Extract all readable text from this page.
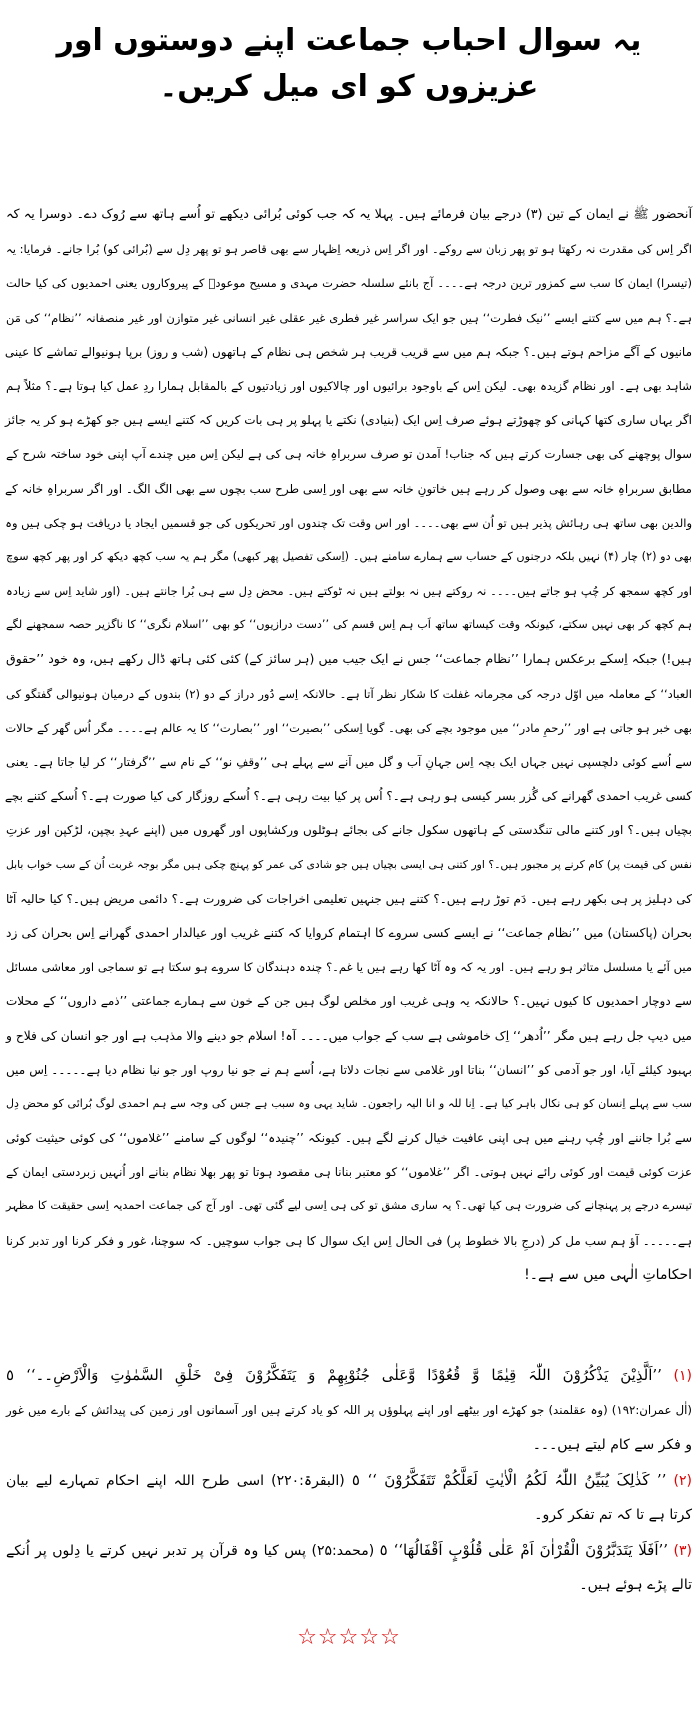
یہ سوال احباب جماعت اپنے دوستوں اور عزیزوں کو ای میل کریں۔
آنحضور ﷺ نے ایمان کے تین (۳) درجے بیان فرمائے ہیں۔ پہلا یہ کہ جب کوئی بُرائی دیکھے تو اُسے ہاتھ سے رُوک دے۔ دوسرا یہ کہ
اگر اِس کی مقدرت نہ رکھتا ہو تو پھر زبان سے روکے۔ اور اگر اِس ذریعہ اِظہار سے بھی قاصر ہو تو پھر دِل سے (بُرائی کو) بُرا جانے۔ فرمایا: یہ
(تیسرا) ایمان کا سب سے کمزور ترین درجہ ہے۔۔۔۔ آج بانئے سلسلہ حضرت مہدی و مسیح موعودؑ کے پیروکاروں یعنی احمدیوں کی کیا حالت
ہے۔؟ ہم میں سے کتنے ایسے ’’نیک فطرت‘‘ ہیں جو ایک سراسر غیر فطری غیر عقلی غیر انسانی غیر متوازن اور غیر منصفانہ ’’نظام‘‘ کی مَن
مانیوں کے آگے مزاحم ہوتے ہیں۔؟ جبکہ ہم میں سے قریب قریب ہر شخص ہی نظام کے ہاتھوں (شب و روز) برپا ہونیوالے تماشے کا عینی
شاہد بھی ہے۔ اور نظام گزیدہ بھی۔ لیکن اِس کے باوجود برائیوں اور چالاکیوں اور زیادتیوں کے بالمقابل ہمارا ردِ عمل کیا ہوتا ہے۔؟ مثلاً ہم
اگر یہاں ساری کتھا کہانی کو چھوڑتے ہوئے صرف اِس ایک (بنیادی) نکتے یا پہلو پر ہی بات کریں کہ کتنے ایسے ہیں جو کھڑے ہو کر یہ جائز
سوال پوچھنے کی بھی جسارت کرتے ہیں کہ جناب! آمدن تو صرف سربراہِ خانہ ہی کی ہے لیکن اِس میں چندے آپ اپنی خود ساختہ شرح کے
مطابق سربراہِ خانہ سے بھی وصول کر رہے ہیں خاتونِ خانہ سے بھی اور اِسی طرح سب بچوں سے بھی الگ الگ۔ اور اگر سربراہِ خانہ کے
والدین بھی ساتھ ہی رہائش پذیر ہیں تو اُن سے بھی۔۔۔۔ اور اس وقت تک چندوں اور تحریکوں کی جو قسمیں ایجاد یا دریافت ہو چکی ہیں وہ
بھی دو (۲) چار (۴) نہیں بلکہ درجنوں کے حساب سے ہمارے سامنے ہیں۔ (اِسکی تفصیل پھر کبھی) مگر ہم یہ سب کچھ دیکھ کر اور پھر کچھ سوچ
اور کچھ سمجھ کر چُپ ہو جاتے ہیں۔۔۔۔ نہ روکتے ہیں نہ بولتے ہیں نہ ٹوکتے ہیں۔ محض دِل سے ہی بُرا جانتے ہیں۔ (اور شاید اِس سے زیادہ
ہم کچھ کر بھی نہیں سکتے، کیونکہ وقت کیساتھ ساتھ اَب ہم اِس قسم کی ’’دست درازیوں‘‘ کو بھی ’’اسلام نگری‘‘ کا ناگزیر حصہ سمجھنے لگے
ہیں!) جبکہ اِسکے برعکس ہمارا ’’نظام جماعت‘‘ جس نے ایک جیب میں (ہر سائز کے) کئی کئی ہاتھ ڈال رکھے ہیں، وہ خود ’’حقوق
العباد‘‘ کے معاملہ میں اوّل درجہ کی مجرمانہ غفلت کا شکار نظر آتا ہے۔ حالانکہ اِسے دُور دراز کے دو (۲) بندوں کے درمیان ہونیوالی گفتگو کی
بھی خبر ہو جاتی ہے اور ’’رحمِ مادر‘‘ میں موجود بچے کی بھی۔ گویا اِسکی ’’بصیرت‘‘ اور ’’بصارت‘‘ کا یہ عالم ہے۔۔۔۔ مگر اُس گھر کے حالات
سے اُسے کوئی دلچسپی نہیں جہاں ایک بچہ اِس جہانِ آب و گل میں آنے سے پہلے ہی ’’وقفِ نو‘‘ کے نام سے ’’گرفتار‘‘ کر لیا جاتا ہے۔ یعنی
کسی غریب احمدی گھرانے کی گُزر بسر کیسی ہو رہی ہے۔؟ اُس پر کیا بیت رہی ہے۔؟ اُسکے روزگار کی کیا صورت ہے۔؟ اُسکے کتنے بچے
بچیاں ہیں۔؟ اور کتنے مالی تنگدستی کے ہاتھوں سکول جانے کی بجائے ہوٹلوں ورکشاپوں اور گھروں میں (اپنے عہدِ بچپن، لڑکپن اور عزتِ
نفس کی قیمت پر) کام کرنے پر مجبور ہیں۔؟ اور کتنی ہی ایسی بچیاں ہیں جو شادی کی عمر کو پہنچ چکی ہیں مگر بوجہ غربت اُن کے سب خواب بابل
کی دہلیز پر ہی بکھر رہے ہیں۔ دَم توڑ رہے ہیں۔؟ کتنے ہیں جنہیں تعلیمی اخراجات کی ضرورت ہے۔؟ دائمی مریض ہیں۔؟ کیا حالیہ آٹا
بحران (پاکستان) میں ’’نظام جماعت‘‘ نے ایسے کسی سروے کا اہتمام کروایا کہ کتنے غریب اور عیالدار احمدی گھرانے اِس بحران کی زد
میں آئے یا مسلسل متاثر ہو رہے ہیں۔ اور یہ کہ وہ آٹا کھا رہے ہیں یا غم۔؟ چندہ دہندگان کا سروے ہو سکتا ہے تو سماجی اور معاشی مسائل
سے دوچار احمدیوں کا کیوں نہیں۔؟ حالانکہ یہ وہی غریب اور مخلص لوگ ہیں جن کے خون سے ہمارے جماعتی ’’ذمے داروں‘‘ کے محلات
میں دیپ جل رہے ہیں مگر ’’اُدھر‘‘ اِک خاموشی ہے سب کے جواب میں۔۔۔۔ آہ! اسلام جو دینے والا مذہب ہے اور جو انسان کی فلاح و
بہبود کیلئے آیا، اور جو آدمی کو ’’انسان‘‘ بناتا اور غلامی سے نجات دلاتا ہے، اُسے ہم نے جو نیا روپ اور جو نیا نظام دیا ہے۔۔۔۔۔ اِس میں
سب سے پہلے اِنسان کو ہی نکال باہر کیا ہے۔ اِنا للہ و انا الیہ راجعون۔ شاید یہی وہ سبب ہے جس کی وجہ سے ہم احمدی لوگ بُرائی کو محض دِل
سے بُرا جاننے اور چُپ رہنے میں ہی اپنی عافیت خیال کرنے لگے ہیں۔ کیونکہ ’’چنیدہ‘‘ لوگوں کے سامنے ’’غلاموں‘‘ کی کوئی حیثیت کوئی
عزت کوئی قیمت اور کوئی رائے نہیں ہوتی۔ اگر ’’غلاموں‘‘ کو معتبر بنانا ہی مقصود ہوتا تو پھر بھلا نظام بنانے اور اُنہیں زبردستی ایمان کے
تیسرے درجے پر پہنچانے کی ضرورت ہی کیا تھی۔؟ یہ ساری مشق تو کی ہی اِسی لیے گئی تھی۔ اور آج کی جماعت احمدیہ اِسی حقیقت کا مظہر
ہے۔۔۔۔۔ آؤ ہم سب مل کر (درجِ بالا خطوط پر) فی الحال اِس ایک سوال کا ہی جواب سوچیں۔ کہ سوچنا، غور و فکر کرنا اور تدبر کرنا
احکاماتِ الٰہی میں سے ہے۔!
(۱) ’’اَلَّذِیْنَ یَذْکُرُوْنَ اللّٰہَ قِیٰمًا وَّ قُعُوْدًا وَّعَلٰی جُنُوْبِھِمْ وَ یَتَفَکَّرُوْنَ فِیْ خَلْقِ السَّمٰوٰتِ وَالْاَرْضِ۔۔‘‘ ٥
(اٰل عمران:۱۹۲) (وہ عقلمند) جو کھڑے اور بیٹھے اور اپنے پہلوؤں پر اللہ کو یاد کرتے ہیں اور آسمانوں اور زمین کی پیدائش کے بارے میں غور
و فکر سے کام لیتے ہیں۔۔۔
(۲) ’’ کَذٰلِکَ یُبَیِّنُ اللّٰہُ لَکُمُ الْاٰیٰتِ لَعَلَّکُمْ تَتَفَکَّرُوْنَ ‘‘ ٥ (البقرۃ:۲۲۰) اسی طرح اللہ اپنے احکام تمہارے لیے بیان
کرتا ہے تا کہ تم تفکر کرو۔
(۳) ’’اَفَلَا یَتَدَبَّرُوْنَ الْقُرْاٰنَ اَمْ عَلٰی قُلُوْبٍ اَقْفَالُھَا‘‘ ٥ (محمد:۲۵) پس کیا وہ قرآن پر تدبر نہیں کرتے یا دِلوں پر اُنکے
تالے پڑے ہوئے ہیں۔
☆☆☆☆☆
